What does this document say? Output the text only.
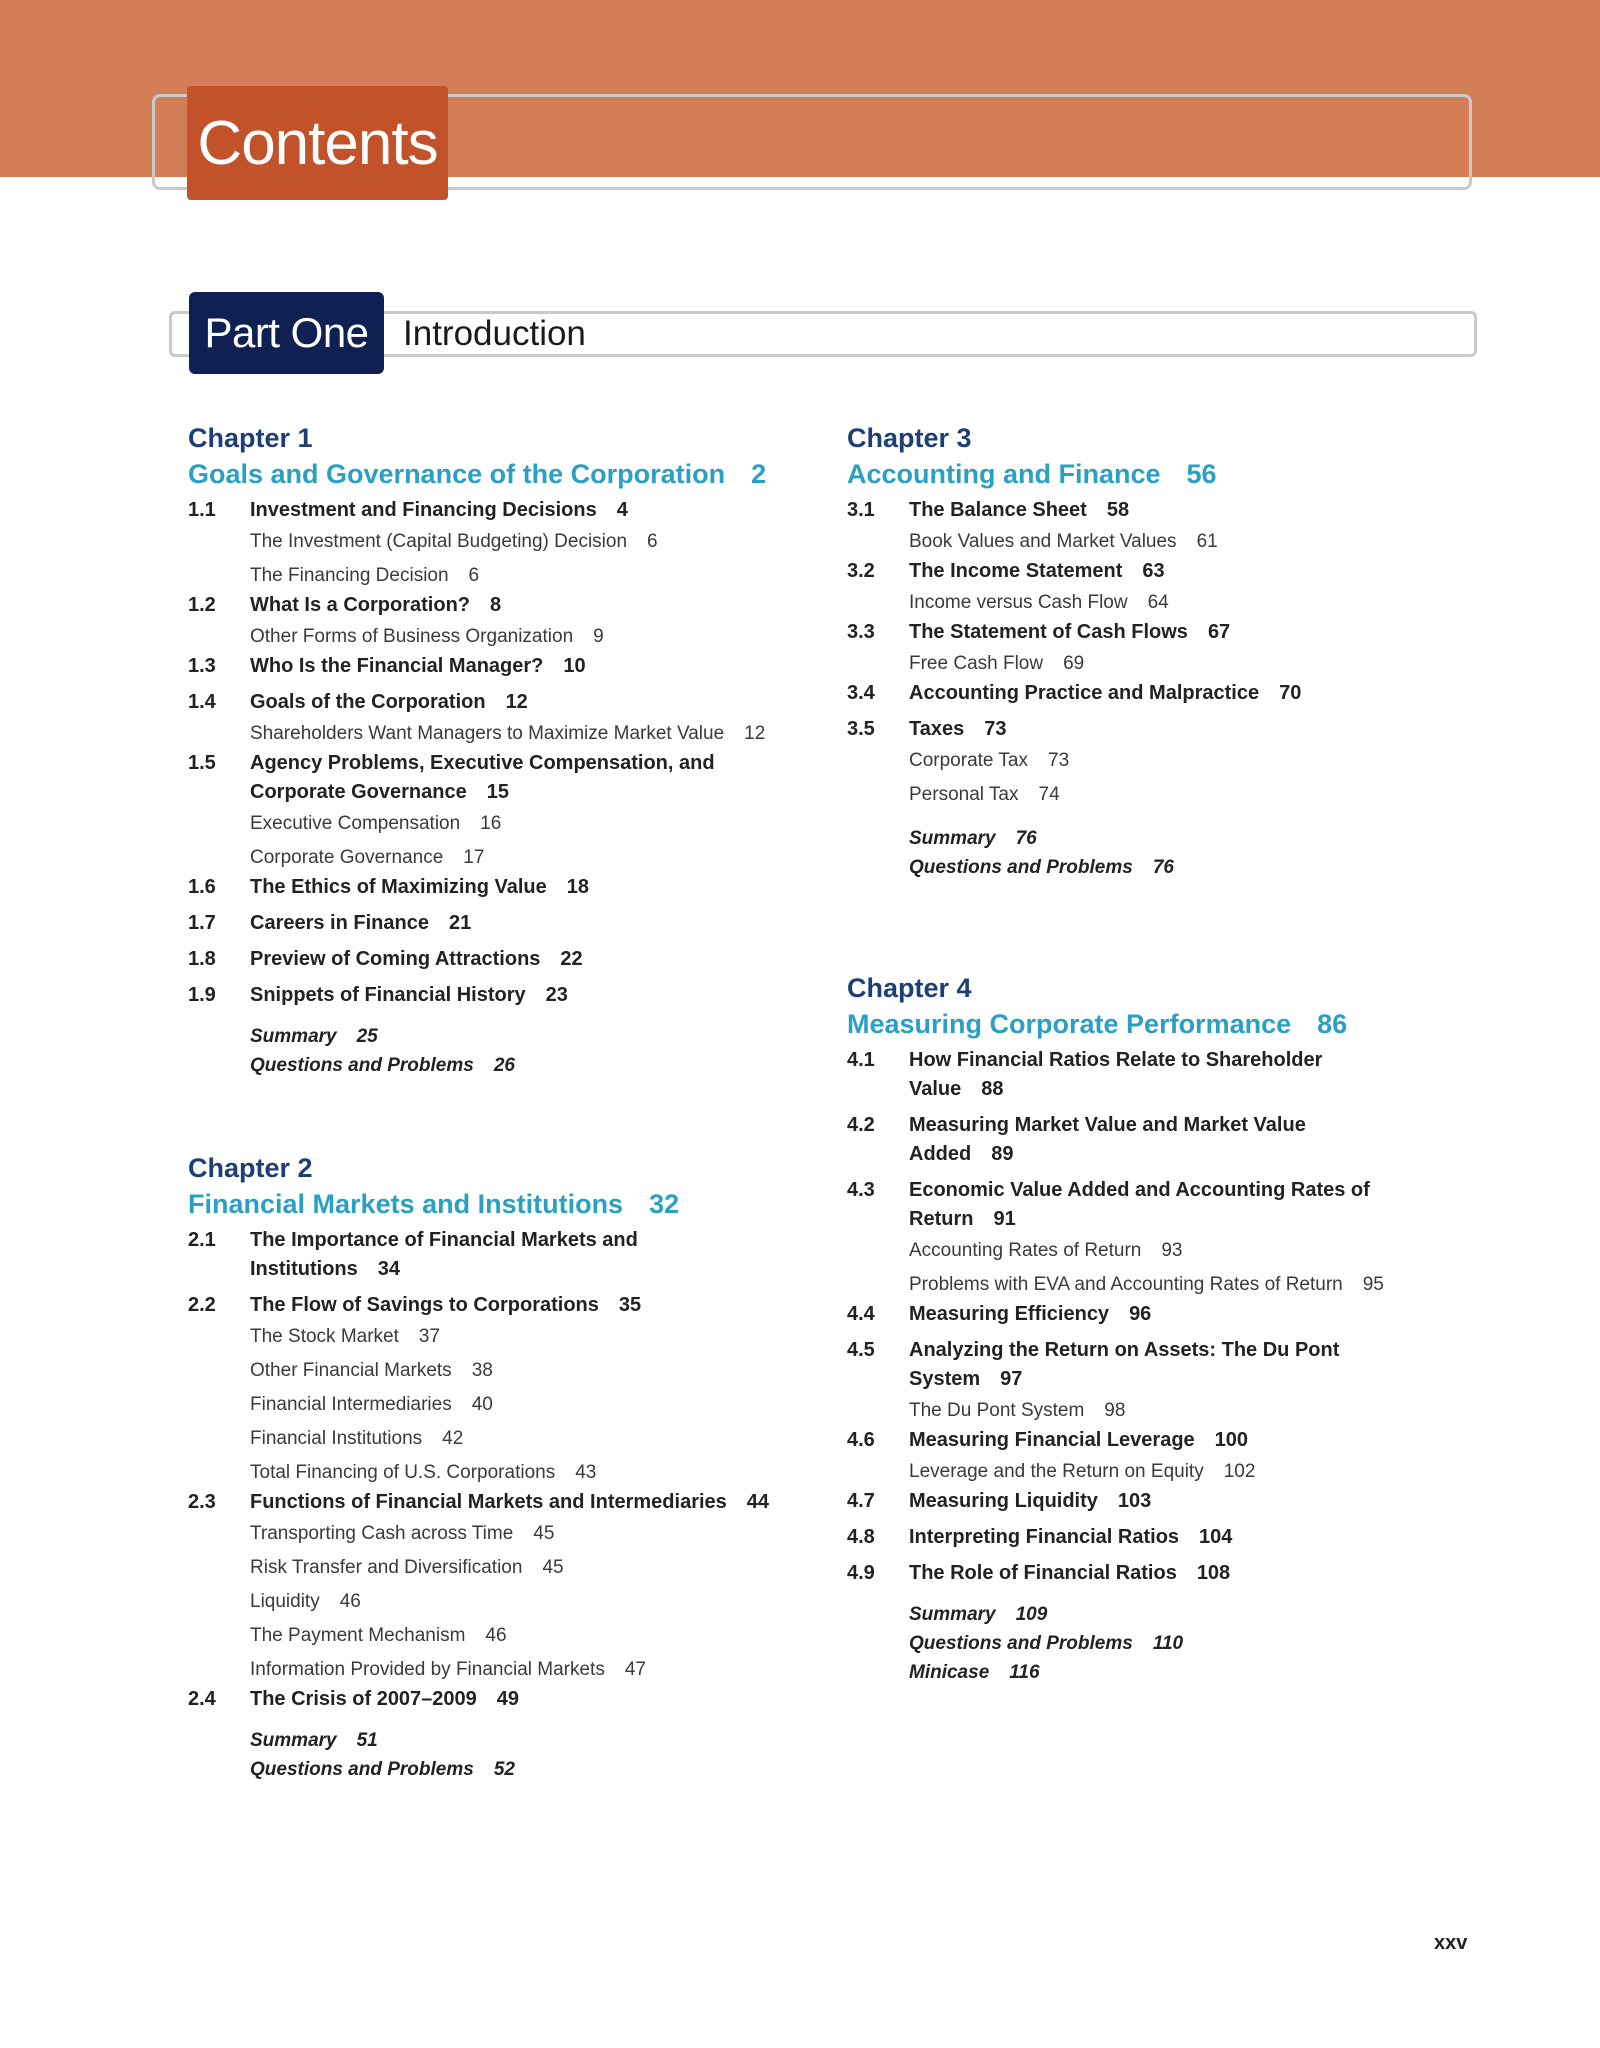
Contents
Part One Introduction
Chapter 1
Goals and Governance of the Corporation 2
1.1 Investment and Financing Decisions 4
The Investment (Capital Budgeting) Decision 6
The Financing Decision 6
1.2 What Is a Corporation? 8
Other Forms of Business Organization 9
1.3 Who Is the Financial Manager? 10
1.4 Goals of the Corporation 12
Shareholders Want Managers to Maximize Market Value 12
1.5 Agency Problems, Executive Compensation, and Corporate Governance 15
Executive Compensation 16
Corporate Governance 17
1.6 The Ethics of Maximizing Value 18
1.7 Careers in Finance 21
1.8 Preview of Coming Attractions 22
1.9 Snippets of Financial History 23
Summary 25
Questions and Problems 26
Chapter 2
Financial Markets and Institutions 32
2.1 The Importance of Financial Markets and Institutions 34
2.2 The Flow of Savings to Corporations 35
The Stock Market 37
Other Financial Markets 38
Financial Intermediaries 40
Financial Institutions 42
Total Financing of U.S. Corporations 43
2.3 Functions of Financial Markets and Intermediaries 44
Transporting Cash across Time 45
Risk Transfer and Diversification 45
Liquidity 46
The Payment Mechanism 46
Information Provided by Financial Markets 47
2.4 The Crisis of 2007–2009 49
Summary 51
Questions and Problems 52
Chapter 3
Accounting and Finance 56
3.1 The Balance Sheet 58
Book Values and Market Values 61
3.2 The Income Statement 63
Income versus Cash Flow 64
3.3 The Statement of Cash Flows 67
Free Cash Flow 69
3.4 Accounting Practice and Malpractice 70
3.5 Taxes 73
Corporate Tax 73
Personal Tax 74
Summary 76
Questions and Problems 76
Chapter 4
Measuring Corporate Performance 86
4.1 How Financial Ratios Relate to Shareholder Value 88
4.2 Measuring Market Value and Market Value Added 89
4.3 Economic Value Added and Accounting Rates of Return 91
Accounting Rates of Return 93
Problems with EVA and Accounting Rates of Return 95
4.4 Measuring Efficiency 96
4.5 Analyzing the Return on Assets: The Du Pont System 97
The Du Pont System 98
4.6 Measuring Financial Leverage 100
Leverage and the Return on Equity 102
4.7 Measuring Liquidity 103
4.8 Interpreting Financial Ratios 104
4.9 The Role of Financial Ratios 108
Summary 109
Questions and Problems 110
Minicase 116
xxv
